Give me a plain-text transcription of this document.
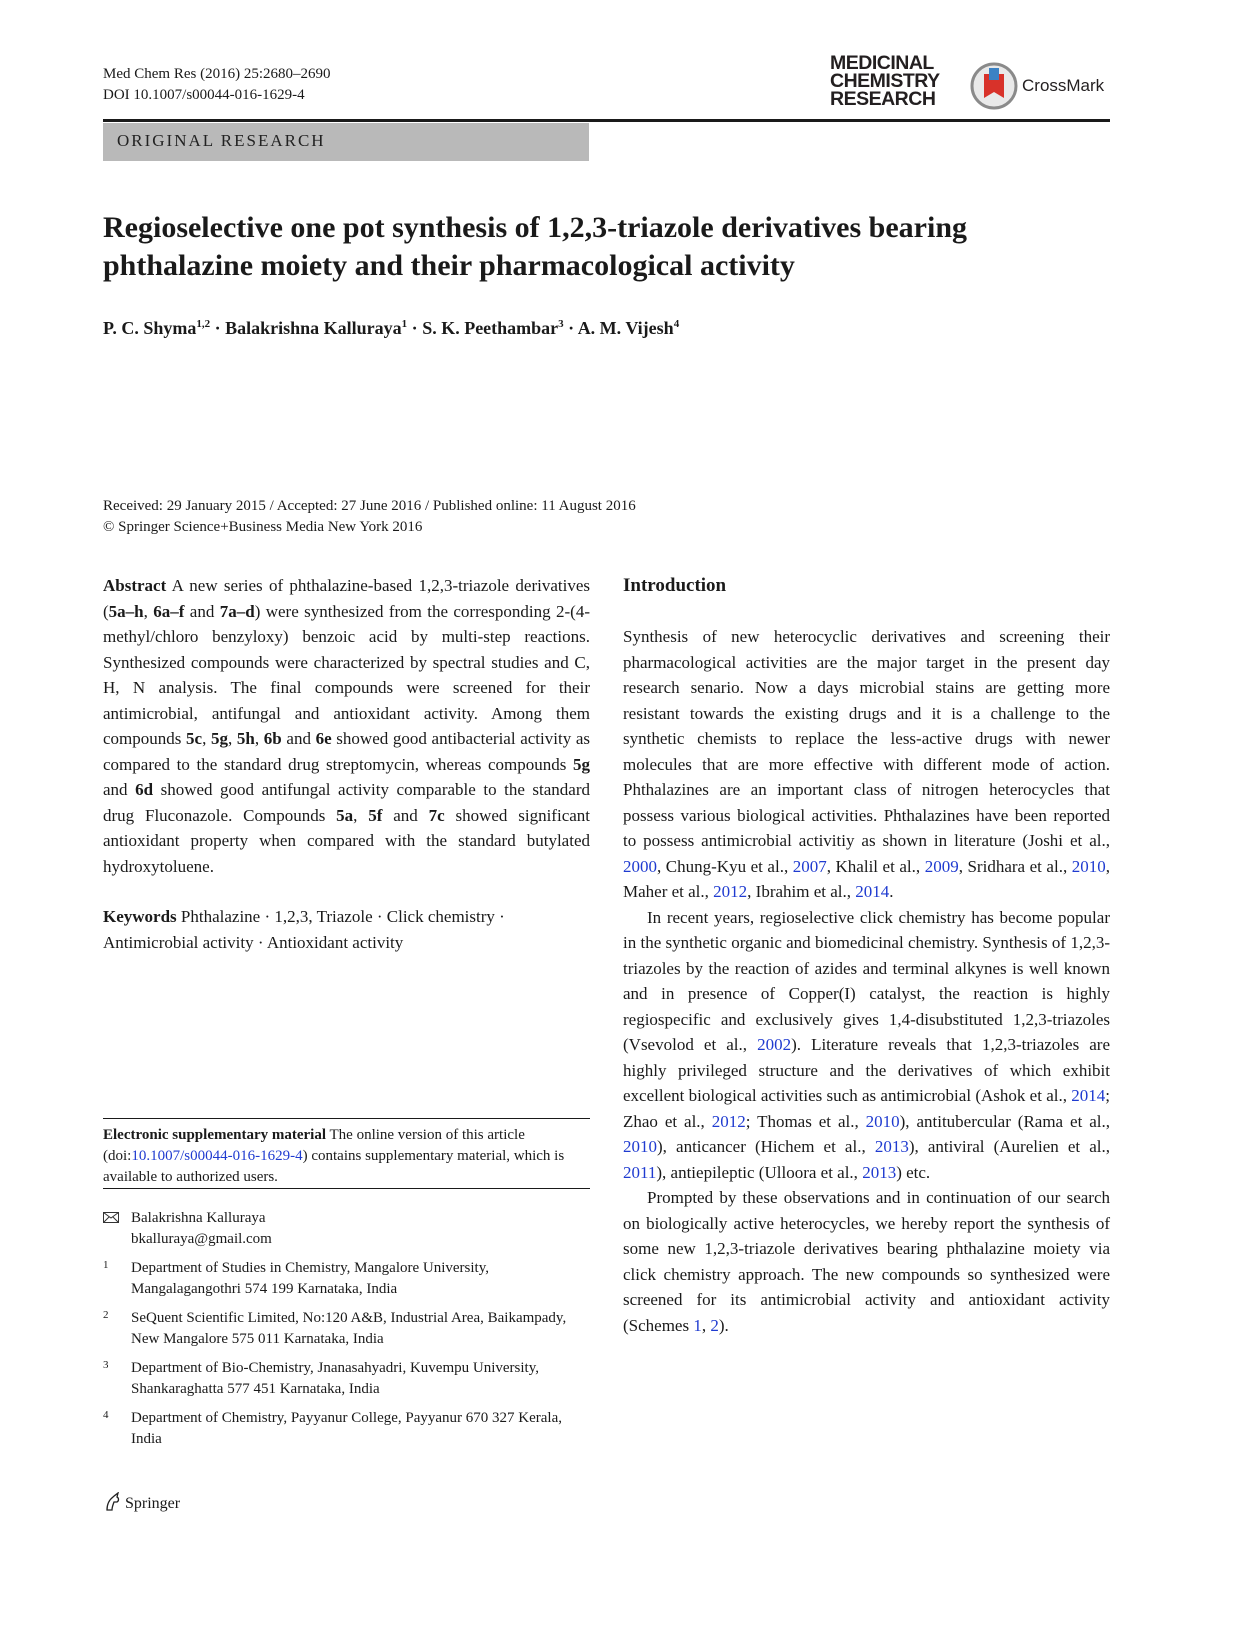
Med Chem Res (2016) 25:2680–2690
DOI 10.1007/s00044-016-1629-4
MEDICINAL
CHEMISTRY
RESEARCH
CrossMark
ORIGINAL RESEARCH
Regioselective one pot synthesis of 1,2,3-triazole derivatives bearing phthalazine moiety and their pharmacological activity
P. C. Shyma$^{1,2}$ · Balakrishna Kalluraya$^1$ · S. K. Peethambar$^3$ · A. M. Vijesh$^4$
Received: 29 January 2015 / Accepted: 27 June 2016 / Published online: 11 August 2016
© Springer Science+Business Media New York 2016

Abstract A new series of phthalazine-based 1,2,3-triazole derivatives (5a–h, 6a–f and 7a–d) were synthesized from the corresponding 2-(4-methyl/chloro benzyloxy) benzoic acid by multi-step reactions. Synthesized compounds were characterized by spectral studies and C, H, N analysis. The final compounds were screened for their antimicrobial, antifungal and antioxidant activity. Among them compounds 5c, 5g, 5h, 6b and 6e showed good antibacterial activity as compared to the standard drug streptomycin, whereas compounds 5g and 6d showed good antifungal activity comparable to the standard drug Fluconazole. Compounds 5a, 5f and 7c showed significant antioxidant property when compared with the standard butylated hydroxytoluene.

Keywords Phthalazine · 1,2,3, Triazole · Click chemistry · Antimicrobial activity · Antioxidant activity

Electronic supplementary material The online version of this article (doi:10.1007/s00044-016-1629-4) contains supplementary material, which is available to authorized users.
Balakrishna Kalluraya
bkalluraya@gmail.com
1 Department of Studies in Chemistry, Mangalore University, Mangalagangothri 574 199 Karnataka, India
2 SeQuent Scientific Limited, No:120 A&B, Industrial Area, Baikampady, New Mangalore 575 011 Karnataka, India
3 Department of Bio-Chemistry, Jnanasahyadri, Kuvempu University, Shankaraghatta 577 451 Karnataka, India
4 Department of Chemistry, Payyanur College, Payyanur 670 327 Kerala, India

Introduction

Synthesis of new heterocyclic derivatives and screening their pharmacological activities are the major target in the present day research senario. Now a days microbial stains are getting more resistant towards the existing drugs and it is a challenge to the synthetic chemists to replace the less-active drugs with newer molecules that are more effective with different mode of action. Phthalazines are an important class of nitrogen heterocycles that possess various biological activities. Phthalazines have been reported to possess antimicrobial activitiy as shown in literature (Joshi et al., 2000, Chung-Kyu et al., 2007, Khalil et al., 2009, Sridhara et al., 2010, Maher et al., 2012, Ibrahim et al., 2014.

In recent years, regioselective click chemistry has become popular in the synthetic organic and biomedicinal chemistry. Synthesis of 1,2,3-triazoles by the reaction of azides and terminal alkynes is well known and in presence of Copper(I) catalyst, the reaction is highly regiospecific and exclusively gives 1,4-disubstituted 1,2,3-triazoles (Vsevolod et al., 2002). Literature reveals that 1,2,3-triazoles are highly privileged structure and the derivatives of which exhibit excellent biological activities such as antimicrobial (Ashok et al., 2014; Zhao et al., 2012; Thomas et al., 2010), antitubercular (Rama et al., 2010), anticancer (Hichem et al., 2013), antiviral (Aurelien et al., 2011), antiepileptic (Ulloora et al., 2013) etc.

Prompted by these observations and in continuation of our search on biologically active heterocycles, we hereby report the synthesis of some new 1,2,3-triazole derivatives bearing phthalazine moiety via click chemistry approach. The new compounds so synthesized were screened for its antimicrobial activity and antioxidant activity (Schemes 1, 2).

Springer
